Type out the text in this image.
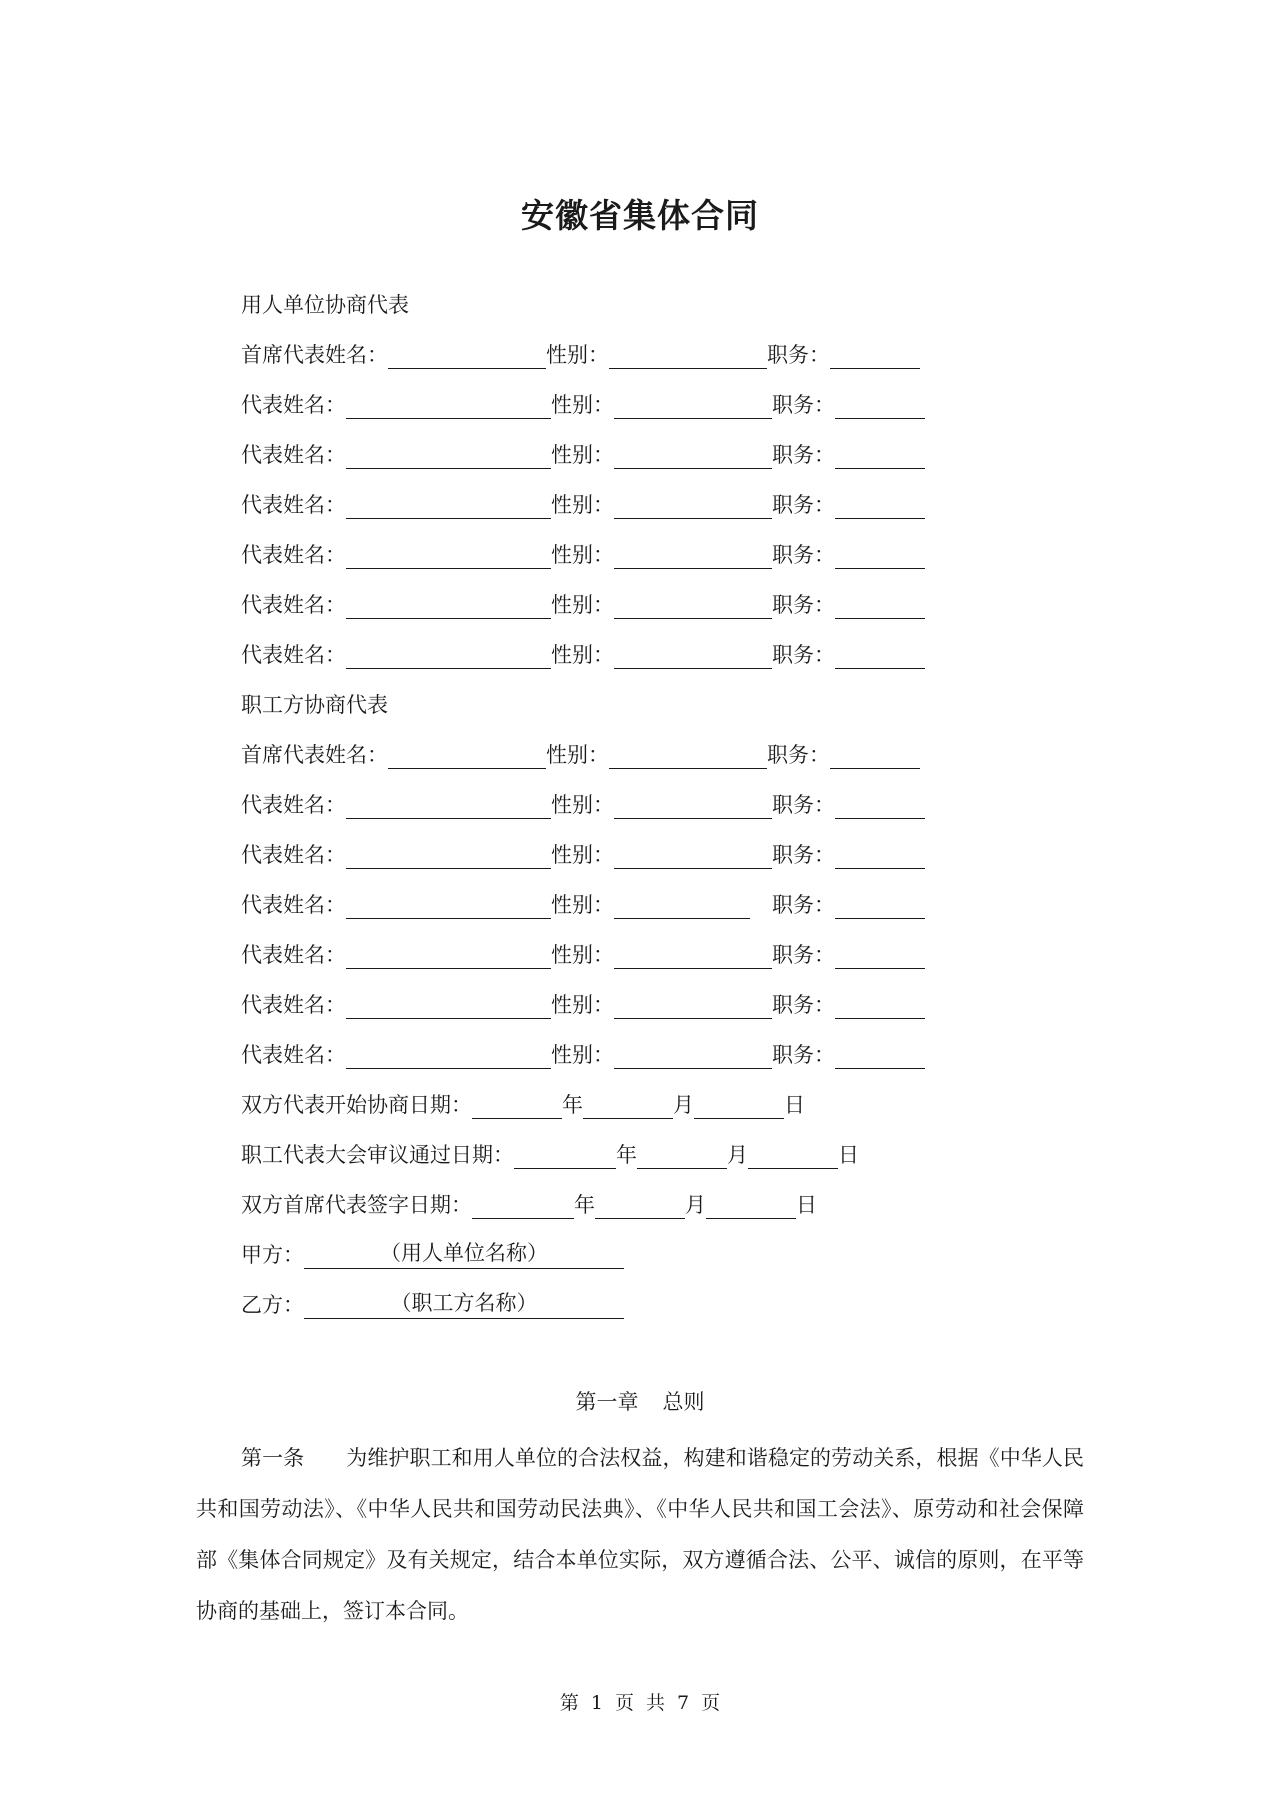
安徽省集体合同
用人单位协商代表
首席代表姓名：	性别：	职务：
代表姓名：	性别：	职务：
代表姓名：	性别：	职务：
代表姓名：	性别：	职务：
代表姓名：	性别：	职务：
代表姓名：	性别：	职务：
代表姓名：	性别：	职务：
职工方协商代表
首席代表姓名：	性别：	职务：
代表姓名：	性别：	职务：
代表姓名：	性别：	职务：
代表姓名：	性别：	职务：
代表姓名：	性别：	职务：
代表姓名：	性别：	职务：
代表姓名：	性别：	职务：
双方代表开始协商日期：	年	月	日
职工代表大会审议通过日期：	年	月	日
双方首席代表签字日期：	年	月	日
甲方：	（用人单位名称）
乙方：	（职工方名称）
第一章 总则
第一条 为维护职工和用人单位的合法权益，构建和谐稳定的劳动关系，根据《中华人民共和国劳动法》、《中华人民共和国劳动民法典》、《中华人民共和国工会法》、原劳动和社会保障部《集体合同规定》及有关规定，结合本单位实际，双方遵循合法、公平、诚信的原则，在平等协商的基础上，签订本合同。
第 1 页 共 7 页
